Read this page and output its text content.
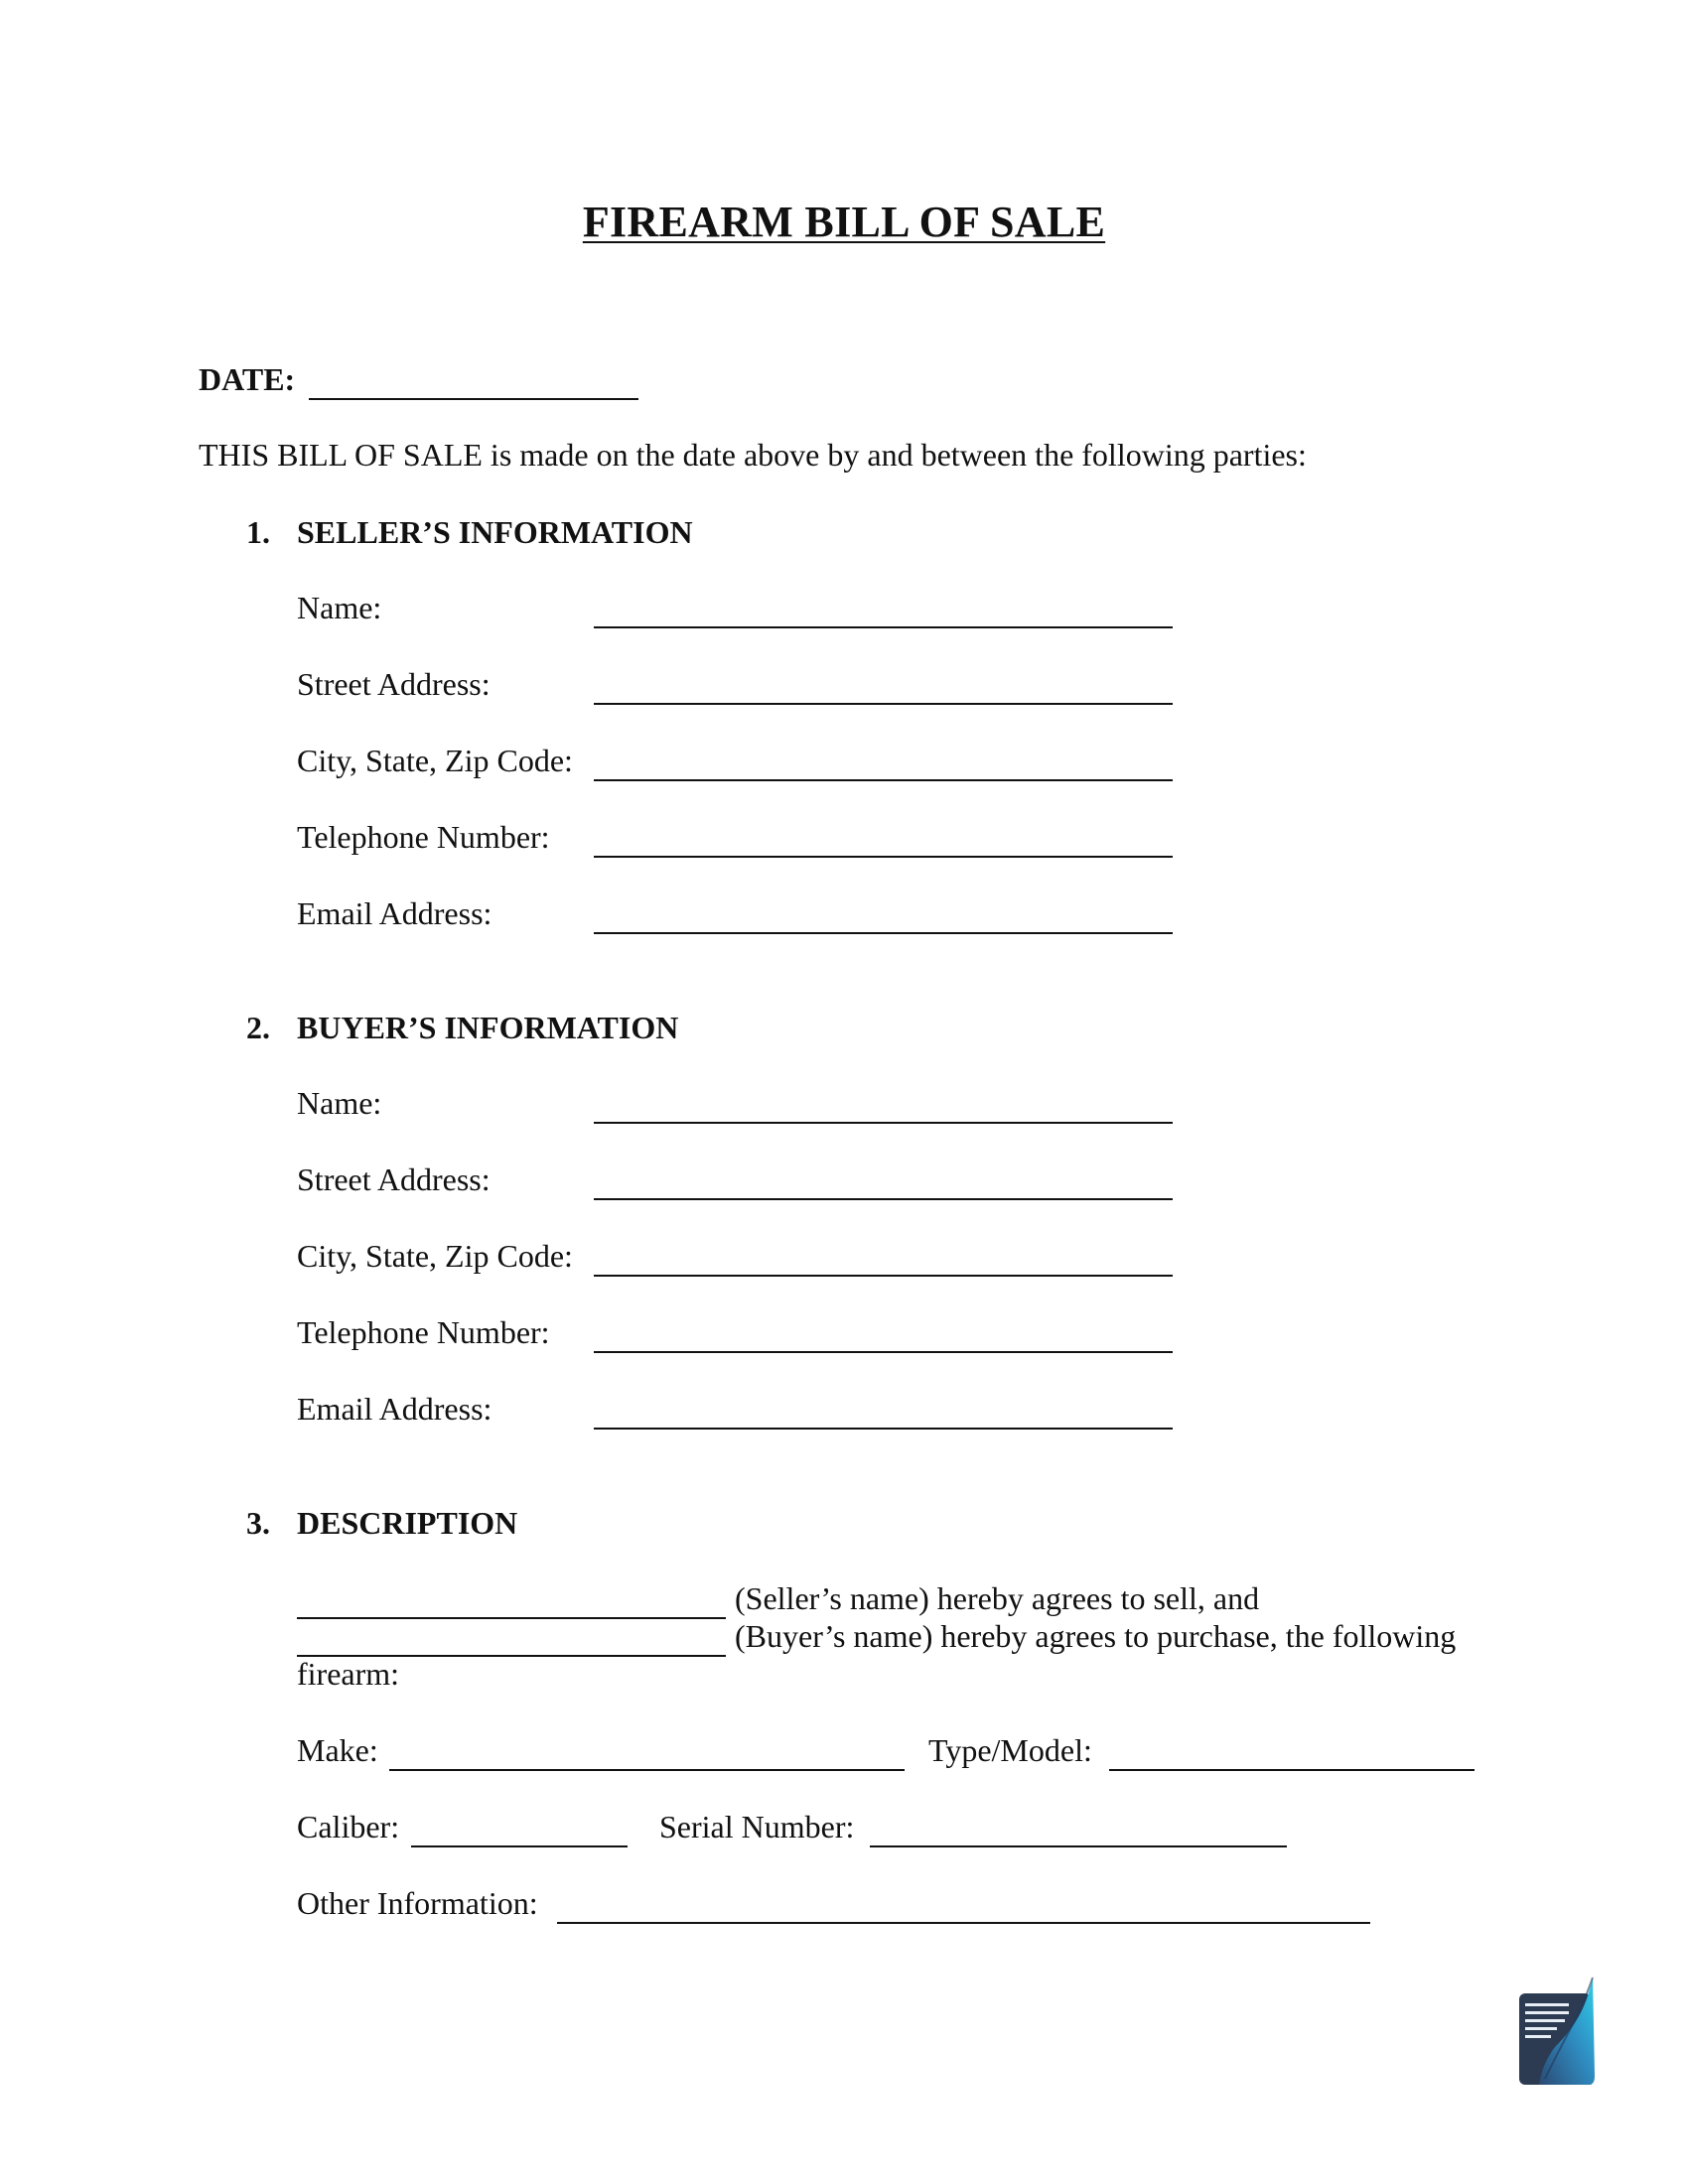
FIREARM BILL OF SALE
DATE:
THIS BILL OF SALE is made on the date above by and between the following parties:
1. SELLER’S INFORMATION
Name:
Street Address:
City, State, Zip Code:
Telephone Number:
Email Address:
2. BUYER’S INFORMATION
Name:
Street Address:
City, State, Zip Code:
Telephone Number:
Email Address:
3. DESCRIPTION
(Seller’s name) hereby agrees to sell, and
(Buyer’s name) hereby agrees to purchase, the following
firearm:
Make:	Type/Model:
Caliber:	Serial Number:
Other Information:
